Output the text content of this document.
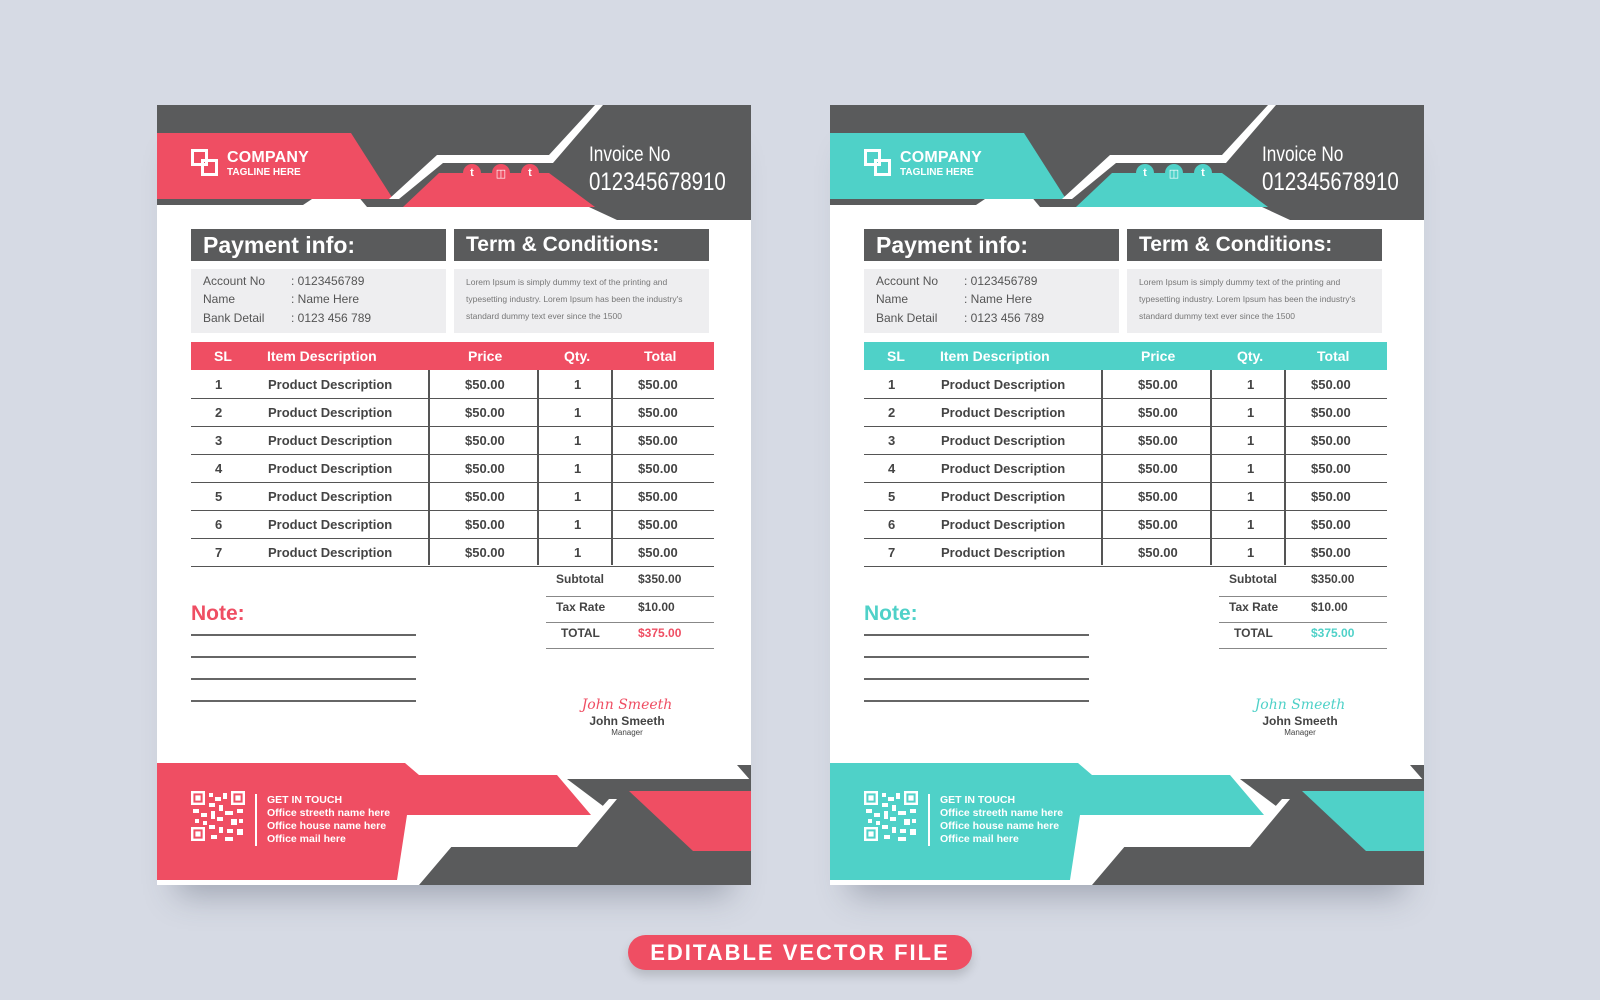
COMPANY
TAGLINE HERE	t	◫	t
Invoice No
012345678910
Payment info:	Term & Conditions:
Account No	: 0123456789
Name	: Name Here
Bank Detail	: 0123 456 789
Lorem Ipsum is simply dummy text of the printing and typesetting industry. Lorem Ipsum has been the industry's standard dummy text ever since the 1500
SL	Item Description	Price	Qty.	Total
1	Product Description	$50.00	1	$50.00
2	Product Description	$50.00	1	$50.00
3	Product Description	$50.00	1	$50.00
4	Product Description	$50.00	1	$50.00
5	Product Description	$50.00	1	$50.00
6	Product Description	$50.00	1	$50.00
7	Product Description	$50.00	1	$50.00
Subtotal	$350.00
Tax Rate	$10.00
TOTAL	$375.00
Note:
John Smeeth
John Smeeth
Manager
GET IN TOUCH
Office streeth name here
Office house name here
Office mail here
COMPANY
TAGLINE HERE	t	◫	t
Invoice No
012345678910
Payment info:	Term & Conditions:
Account No	: 0123456789
Name	: Name Here
Bank Detail	: 0123 456 789
Lorem Ipsum is simply dummy text of the printing and typesetting industry. Lorem Ipsum has been the industry's standard dummy text ever since the 1500
SL	Item Description	Price	Qty.	Total
1	Product Description	$50.00	1	$50.00
2	Product Description	$50.00	1	$50.00
3	Product Description	$50.00	1	$50.00
4	Product Description	$50.00	1	$50.00
5	Product Description	$50.00	1	$50.00
6	Product Description	$50.00	1	$50.00
7	Product Description	$50.00	1	$50.00
Subtotal	$350.00
Tax Rate	$10.00
TOTAL	$375.00
Note:
John Smeeth
John Smeeth
Manager
GET IN TOUCH
Office streeth name here
Office house name here
Office mail here
EDITABLE VECTOR FILE
